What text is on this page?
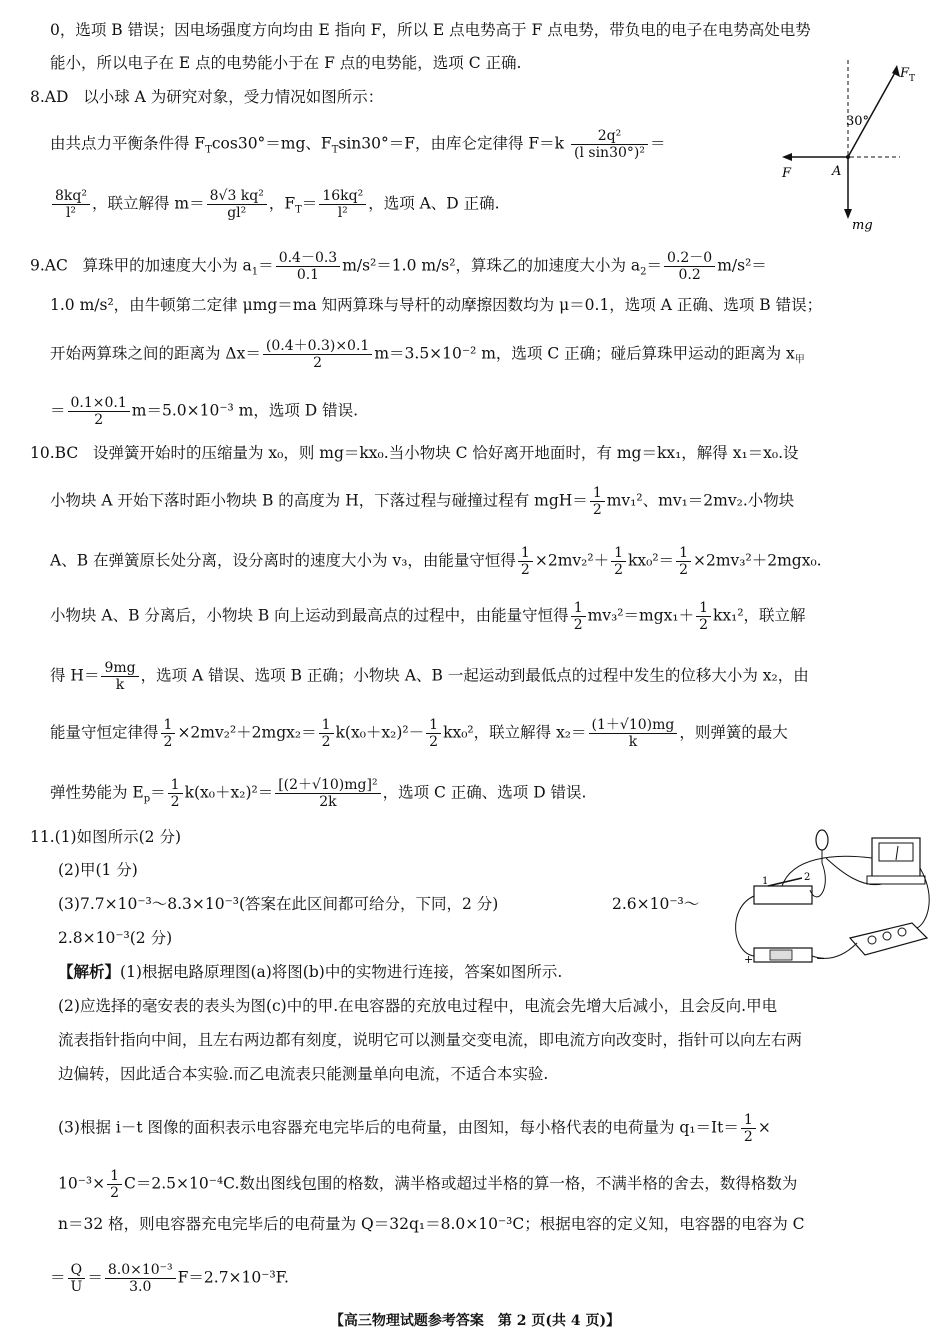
0，选项 B 错误；因电场强度方向均由 E 指向 F，所以 E 点电势高于 F 点电势，带负电的电子在电势高处电势
能小，所以电子在 E 点的电势能小于在 F 点的电势能，选项 C 正确.
8.AD 以小球 A 为研究对象，受力情况如图所示：
由共点力平衡条件得 $F_T\cos 30^\circ=mg$、$F_T\sin 30^\circ=F$，由库仑定律得 $F=k \frac{\text{2q²}}{\text{(l sin30°)²}}$ ＝
$\frac{\text{8kq²}}{\text{l²}}$ ，联立解得 $m= \frac{\text{8√3 kq²}}{\text{gl²}}$ ，$F_T= \frac{\text{16kq²}}{\text{l²}}$ ，选项 A、D 正确.
F T
30°
F	A
mg
9.AC 算珠甲的加速度大小为 $a_1= \frac{0.4-0.3}{0.1} m/s^2=1.0$ m/s²，算珠乙的加速度大小为 $a_2= \frac{0.2-0}{0.2} m/s^2=$
1.0 m/s²，由牛顿第二定律 μmg＝ma 知两算珠与导杆的动摩擦因数均为 μ＝0.1，选项 A 正确、选项 B 错误；
开始两算珠之间的距离为 $\Delta x= \frac{(0.4+0.3)\times 0.1}{2} m=3.5\times 10^{-2}$ m，选项 C 正确；碰后算珠甲运动的距离为 $x_甲$
＝ $\frac{0.1\times 0.1}{2} m=5.0\times 10^{-3}$ m，选项 D 错误.
10.BC 设弹簧开始时的压缩量为 x₀，则 mg＝kx₀.当小物块 C 恰好离开地面时，有 mg＝kx₁，解得 x₁＝x₀.设
小物块 A 开始下落时距小物块 B 的高度为 H，下落过程与碰撞过程有 $mgH= \frac{1}{2} mv_1^2$、mv₁＝2mv₂.小物块
A、B 在弹簧原长处分离，设分离时的速度大小为 v₃，由能量守恒得 $\frac{1}{2} \times 2mv_2^2+ \frac{1}{2} kx_0^2= \frac{1}{2} \times 2mv_3^2+2mgx_0$.
小物块 A、B 分离后，小物块 B 向上运动到最高点的过程中，由能量守恒得 $\frac{1}{2} mv_3^2=mgx_1+ \frac{1}{2} kx_1^2$，联立解
得 $H= \frac{9mg}{k}$ ，选项 A 错误、选项 B 正确；小物块 A、B 一起运动到最低点的过程中发生的位移大小为 x₂，由
能量守恒定律得 $\frac{1}{2} \times 2mv_2^2+2mgx_2= \frac{1}{2} k(x_0+x_2)^2- \frac{1}{2} kx_0^2$，联立解得 $x_2= \frac{(1+√10)mg}{k}$ ，则弹簧的最大
弹性势能为 $E_p= \frac{1}{2} k(x_0+x_2)^2= \frac{\text{[(2＋√10)mg]²}}{2k}$ ，选项 C 正确、选项 D 错误.
11.(1)如图所示(2 分)
(2)甲(1 分)
(3)7.7×10⁻³～8.3×10⁻³(答案在此区间都可给分，下同，2 分)	2.6×10⁻³～
2.8×10⁻³(2 分)
1	2
+	−
【解析】(1)根据电路原理图(a)将图(b)中的实物进行连接，答案如图所示.
(2)应选择的毫安表的表头为图(c)中的甲.在电容器的充放电过程中，电流会先增大后减小，且会反向.甲电
流表指针指向中间，且左右两边都有刻度，说明它可以测量交变电流，即电流方向改变时，指针可以向左右两
边偏转，因此适合本实验.而乙电流表只能测量单向电流，不适合本实验.
(3)根据 i－t 图像的面积表示电容器充电完毕后的电荷量，由图知，每小格代表的电荷量为 $q_1=It= \frac{1}{2}$ ×
$10^{-3}\times \frac{1}{2} C=2.5\times 10^{-4}C$.数出图线包围的格数，满半格或超过半格的算一格，不满半格的舍去，数得格数为
n＝32 格，则电容器充电完毕后的电荷量为 Q＝32q₁＝8.0×10⁻³C；根据电容的定义知，电容器的电容为 C
＝ $\frac{Q}{U} = \frac{\text{8.0×10⁻³}}{3.0} F=2.7\times 10^{-3}F$.
【高三物理试题参考答案　第 2 页(共 4 页)】
